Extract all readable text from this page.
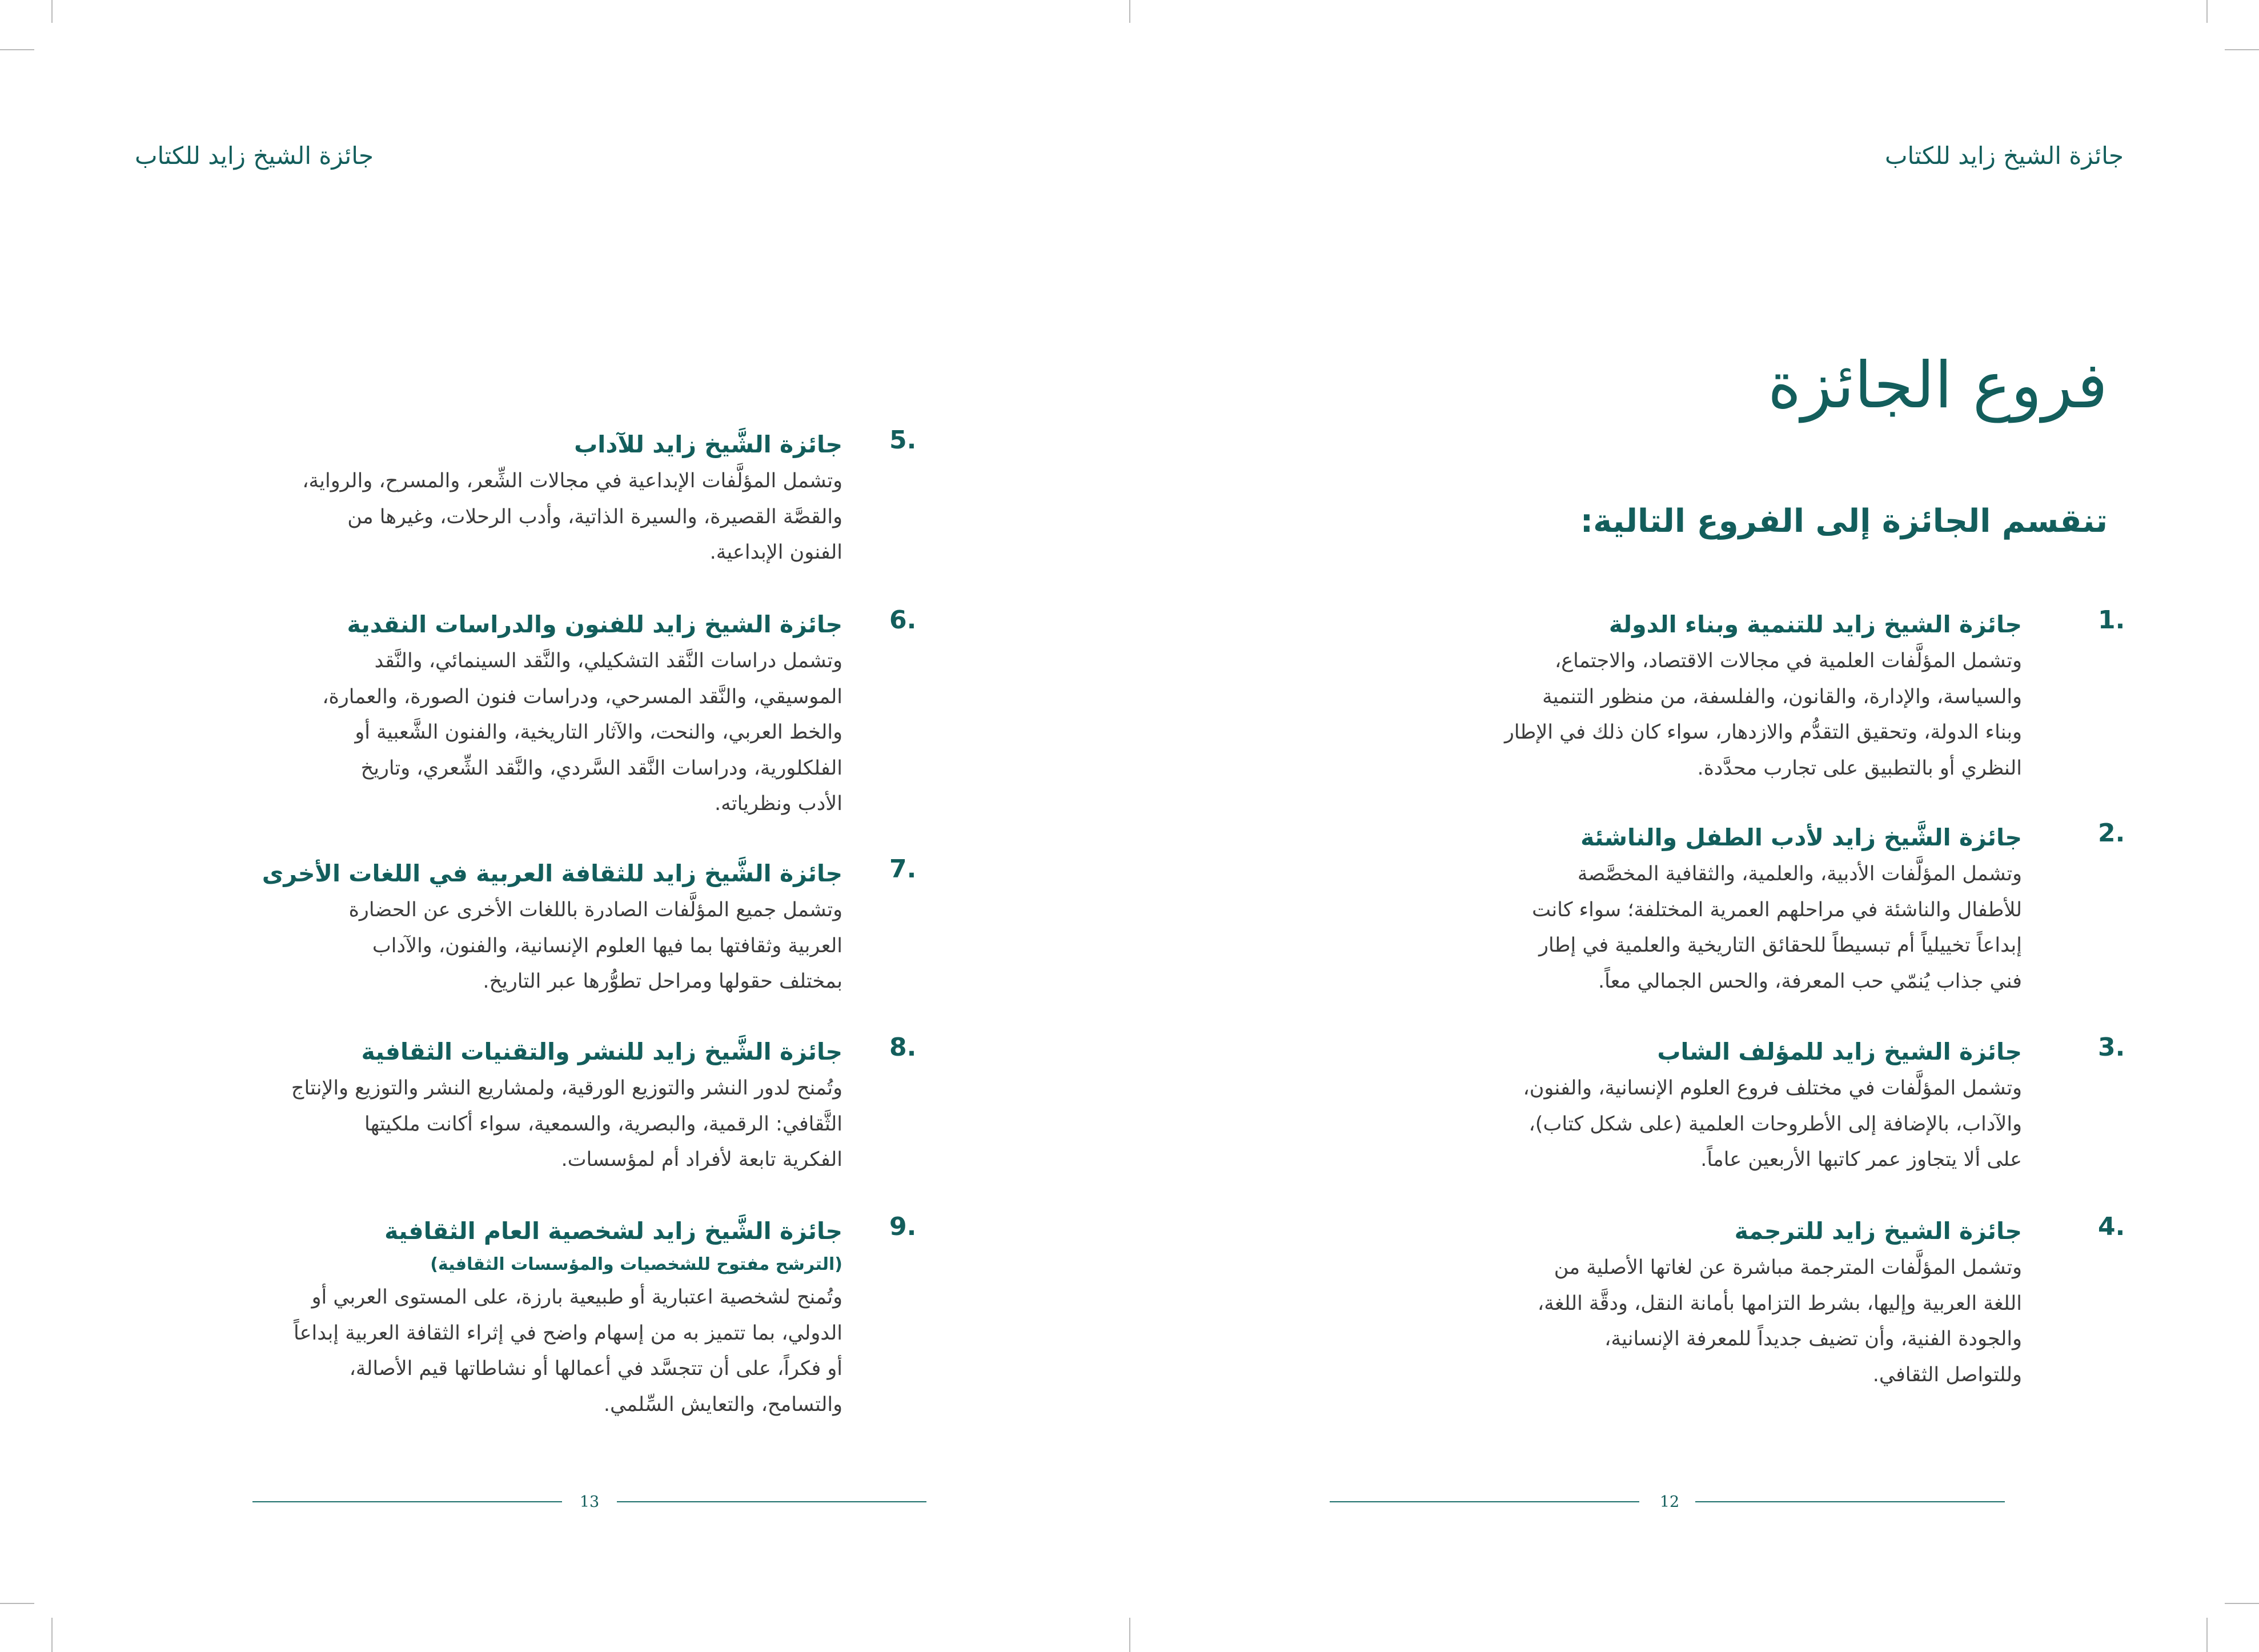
جائزة الشيخ زايد للكتاب	جائزة الشيخ زايد للكتاب

فروع الجائزة
تنقسم الجائزة إلى الفروع التالية:
1.
جائزة الشيخ زايد للتنمية وبناء الدولة

وتشمل المؤلَّفات العلمية في مجالات الاقتصاد، والاجتماع،

والسياسة، والإدارة، والقانون، والفلسفة، من منظور التنمية

وبناء الدولة، وتحقيق التقدُّم والازدهار، سواء كان ذلك في الإطار

النظري أو بالتطبيق على تجارب محدَّدة.

2.
جائزة الشَّيخ زايد لأدب الطفل والناشئة

وتشمل المؤلَّفات الأدبية، والعلمية، والثقافية المخصَّصة

للأطفال والناشئة في مراحلهم العمرية المختلفة؛ سواء كانت

إبداعاً تخييلياً أم تبسيطاً للحقائق التاريخية والعلمية في إطار

فني جذاب يُنمّي حب المعرفة، والحس الجمالي معاً.

3.
جائزة الشيخ زايد للمؤلف الشاب

وتشمل المؤلَّفات في مختلف فروع العلوم الإنسانية، والفنون،

والآداب، بالإضافة إلى الأطروحات العلمية (على شكل كتاب)،

على ألا يتجاوز عمر كاتبها الأربعين عاماً.

4.
جائزة الشيخ زايد للترجمة

وتشمل المؤلَّفات المترجمة مباشرة عن لغاتها الأصلية من

اللغة العربية وإليها، بشرط التزامها بأمانة النقل، ودقَّة اللغة،

والجودة الفنية، وأن تضيف جديداً للمعرفة الإنسانية،

وللتواصل الثقافي.

5.
جائزة الشَّيخ زايد للآداب

وتشمل المؤلَّفات الإبداعية في مجالات الشِّعر، والمسرح، والرواية،

والقصَّة القصيرة، والسيرة الذاتية، وأدب الرحلات، وغيرها من

الفنون الإبداعية.

6.
جائزة الشيخ زايد للفنون والدراسات النقدية

وتشمل دراسات النَّقد التشكيلي، والنَّقد السينمائي، والنَّقد

الموسيقي، والنَّقد المسرحي، ودراسات فنون الصورة، والعمارة،

والخط العربي، والنحت، والآثار التاريخية، والفنون الشَّعبية أو

الفلكلورية، ودراسات النَّقد السَّردي، والنَّقد الشِّعري، وتاريخ

الأدب ونظرياته.

7.
جائزة الشَّيخ زايد للثقافة العربية في اللغات الأخرى

وتشمل جميع المؤلَّفات الصادرة باللغات الأخرى عن الحضارة

العربية وثقافتها بما فيها العلوم الإنسانية، والفنون، والآداب

بمختلف حقولها ومراحل تطوُّرها عبر التاريخ.

8.
جائزة الشَّيخ زايد للنشر والتقنيات الثقافية

وتُمنح لدور النشر والتوزيع الورقية، ولمشاريع النشر والتوزيع والإنتاج

الثَّقافي: الرقمية، والبصرية، والسمعية، سواء أكانت ملكيتها

الفكرية تابعة لأفراد أم لمؤسسات.

9.
جائزة الشَّيخ زايد لشخصية العام الثقافية

(الترشح مفتوح للشخصيات والمؤسسات الثقافية)

وتُمنح لشخصية اعتبارية أو طبيعية بارزة، على المستوى العربي أو

الدولي، بما تتميز به من إسهام واضح في إثراء الثقافة العربية إبداعاً

أو فكراً، على أن تتجسَّد في أعمالها أو نشاطاتها قيم الأصالة،

والتسامح، والتعايش السِّلمي.

13	12
